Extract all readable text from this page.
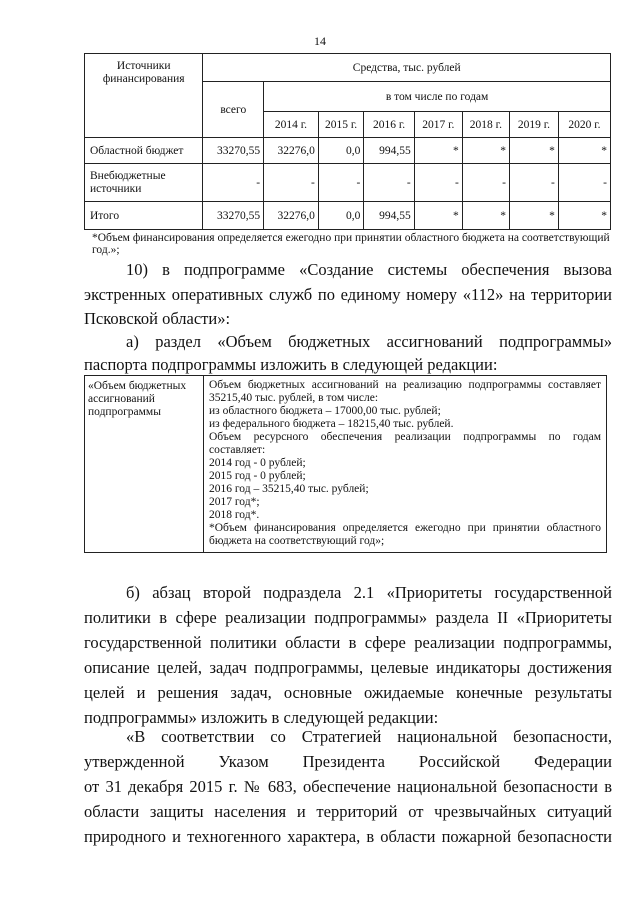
14
Источники финансирования	Средства, тыс. рублей							
	всего	в том числе по годам						
		2014 г.	2015 г.	2016 г.	2017 г.	2018 г.	2019 г.	2020 г.
Областной бюджет	33270,55	32276,0	0,0	994,55	*	*	*	*
Внебюджетные источники	-	-	-	-	-	-	-	-
Итого	33270,55	32276,0	0,0	994,55	*	*	*	*
*Объем финансирования определяется ежегодно при принятии областного бюджета на соответствующий год.»;
10) в подпрограмме «Создание системы обеспечения вызова
экстренных оперативных служб по единому номеру «112» на территории
Псковской области»:
а) раздел «Объем бюджетных ассигнований подпрограммы»
паспорта подпрограммы изложить в следующей редакции:
«Объем бюджетных ассигнований подпрограммы	
Объем бюджетных ассигнований на реализацию подпрограммы составляет 35215,40 тыс. рублей, в том числе:
из областного бюджета – 17000,00 тыс. рублей;
из федерального бюджета – 18215,40 тыс. рублей.
Объем ресурсного обеспечения реализации подпрограммы по годам составляет:
2014 год - 0 рублей;
2015 год - 0 рублей;
2016 год – 35215,40 тыс. рублей;
2017 год*;
2018 год*.
*Объем финансирования определяется ежегодно при принятии областного бюджета на соответствующий год»;
б) абзац второй подраздела 2.1 «Приоритеты государственной
политики в сфере реализации подпрограммы» раздела II «Приоритеты
государственной политики области в сфере реализации подпрограммы,
описание целей, задач подпрограммы, целевые индикаторы достижения
целей и решения задач, основные ожидаемые конечные результаты
подпрограммы» изложить в следующей редакции:
«В соответствии со Стратегией национальной безопасности,
утвержденной Указом Президента Российской Федерации
от 31 декабря 2015 г. № 683, обеспечение национальной безопасности в
области защиты населения и территорий от чрезвычайных ситуаций
природного и техногенного характера, в области пожарной безопасности
